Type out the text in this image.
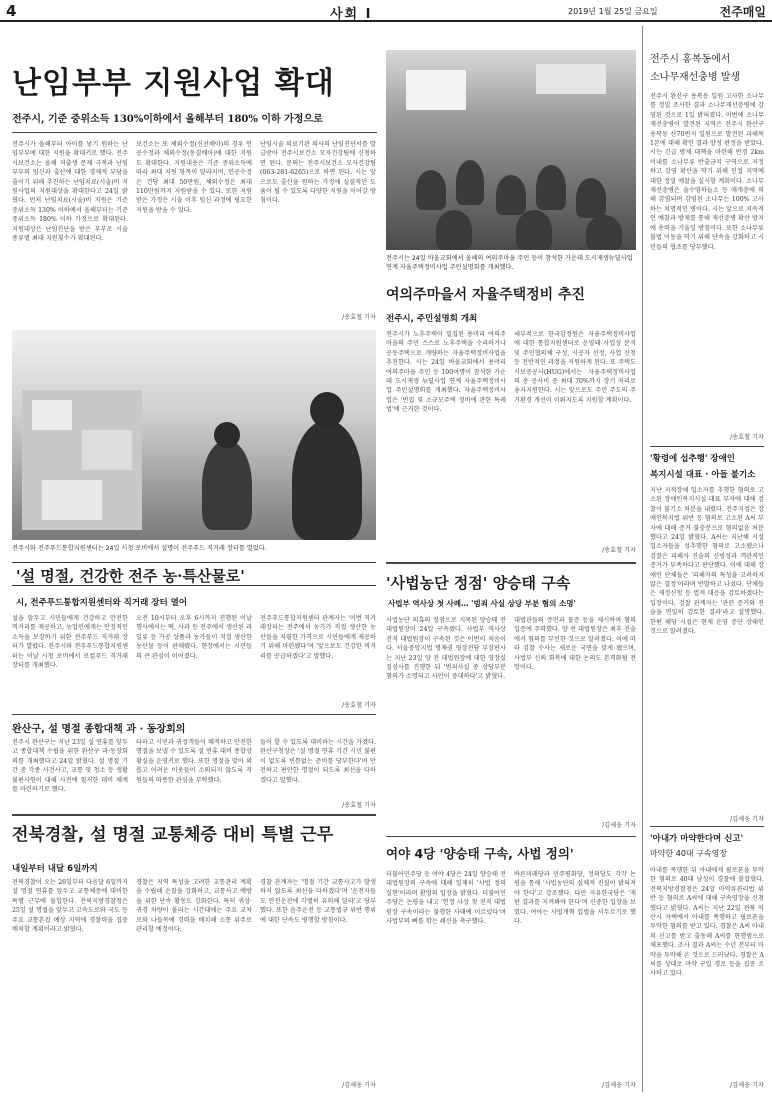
4	사회 I	2019년 1월 25일 금요일	전주매일
난임부부 지원사업 확대
전주시, 기준 중위소득 130%이하에서 올해부터 180% 이하 가정으로
전주시가 올해부터 아이를 낳기 원하는 난임부부에 대한 지원을 확대키로 했다. 전주시보건소는 올해 저출생 문제 극복과 난임부부의 임신과 출산에 대한 경제적 부담을 줄이기 위해 추진하는 난임치료(시술)비 지원사업의 지원대상을 확대한다고 24일 밝혔다. 먼저 난임치료(시술)비 지원은 기준 중위소득 130% 이하에서 올해부터는 기준중위소득 180% 이하 가정으로 확대된다. 지원대상은 난임진단을 받은 부부로 시술 종류별 최대 지원횟수가 확대된다.
보건소는 또 체외수정(신선배아)의 경우 인공수정과 체외수정(동결배아)에 대한 지원도 확대한다. 지원내용은 기준 중위소득에 따라 최대 지원 항목이 달라지며, 인공수정은 건당 최대 50만원, 체외수정은 최대 110만원까지 지원받을 수 있다. 또한 지원받은 가정은 시술 이후 임신 과정에 필요한 지원을 받을 수 있다.
난임시술 의료기관 의사의 난임진단서를 발급받아 전주시보건소 모자건강팀에 신청하면 된다. 문의는 전주시보건소 모자건강팀(063-281-6265)으로 하면 된다. 시는 앞으로도 출산을 원하는 가정에 실질적인 도움이 될 수 있도록 다양한 지원을 이어갈 방침이다.
/송효철 기자
전주시는 24일 바울교회에서 올해의 여의주마을 주민 등이 참석한 가운데 도시재생뉴딜사업 연계 자율주택정비사업 주민설명회를 개최했다.
여의주마을서 자율주택정비 추진
전주시, 주민설명회 개최
전주시가 노후주택이 밀집된 용머리 여의주마을의 주민 스스로 노후주택을 수리하거나 공동주택으로 개량하는 자율주택정비사업을 추진한다. 시는 24일 바울교회에서 용머리 여의주마을 주민 등 100여명이 참석한 가운데 도시재생 뉴딜사업 연계 자율주택정비사업 주민설명회를 개최했다. 자율주택정비사업은 '빈집 및 소규모주택 정비에 관한 특례법'에 근거한 것이다.
세부적으로 한국감정원은 자율주택정비사업에 대한 통합지원센터로 운영돼 사업성 분석 및 주민협의체 구성, 시공자 선정, 사업 신청 등 전반적인 과정을 지원하게 된다. 또 주택도시보증공사(HUG)에서는 자율주택정비사업의 총 공사비 중 최대 70%까지 장기 저리로 융자지원한다. 시는 앞으로도 주민 주도의 주거환경 개선이 이뤄지도록 지원할 계획이다.
/송효철 기자
전주시와 전주푸드통합지원센터는 24일 시청 로비에서 설명이 전주푸드 직거래 장터를 열었다.
'설 명절, 건강한 전주 농·특산물로'
시, 전주푸드통합지원센터와 직거래 장터 열어
설을 앞두고 시민들에게 건강하고 안전한 먹거리를 제공하고, 농업인에게는 안정적인 소득을 보장하기 위한 전주푸드 직거래 장터가 열렸다. 전주시와 전주푸드통합지원센터는 이날 시청 로비에서 로컬푸드 직거래 장터를 개최했다.
오전 10시부터 오후 6시까지 진행된 이날 행사에서는 떡, 사과 등 전주에서 생산된 과일류 등 가공 상품과 농가들이 직접 생산한 농산물 등이 판매됐다. 현장에서는 시민들의 큰 관심이 이어졌다.
전주푸드통합지원센터 관계자는 '이번 직거래장터는 전주에서 농가가 직접 생산한 농산물을 저렴한 가격으로 시민들에게 제공하기 위해 마련됐다'며 '앞으로도 건강한 먹거리를 공급하겠다'고 말했다.
/송효철 기자
완산구, 설 명절 종합대책 과 · 동장회의
전주시 완산구는 지난 23일 설 연휴를 앞두고 종합대책 수립을 위한 완산구 과·동장회의를 개최했다고 24일 밝혔다. 설 명절 기간 중 각종 사건사고, 교통 및 청소 등 생활불편사항이 대해 사전에 철저한 대비 체계를 마련하기로 했다.
타파고 시민과 귀성객들이 쾌적하고 안전한 명절을 보낼 수 있도록 설 연휴 대비 종합상황실을 운영키로 했다. 또한 명절을 맞아 외롭고 어려운 이웃들이 소외되지 않도록 직원들의 따뜻한 관심을 부탁했다.
들이 할 수 있도록 대비하는 시간을 가졌다. 완산구청장은 '설 명절 연휴 기간 시민 불편이 없도록 빈틈없는 준비를 당부한다'며 안전하고 편안한 명절이 되도록 최선을 다하겠다고 말했다.
/송효철 기자
전북경찰, 설 명절 교통체증 대비 특별 근무
내일부터 내달 6일까지
전북경찰이 오는 26일부터 다음달 6일까지 설 명절 연휴를 앞두고 교통체증에 대비한 특별 근무에 돌입한다. 전북지방경찰청은 25일 설 명절을 앞두고 고속도로와 국도 등 주요 교통혼잡 예상 지역에 경찰력을 집중 배치할 계획이라고 밝혔다.
경찰은 지역 특성을 고려한 교통관리 계획을 수립해 순찰을 강화하고, 교통사고 예방을 위한 단속 활동도 강화한다. 특히 귀성·귀경 차량이 몰리는 시간대에는 주요 교차로와 나들목에 경력을 배치해 소통 위주로 관리할 예정이다.
경찰 관계자는 '명절 기간 교통사고가 발생하지 않도록 최선을 다하겠다'며 '운전자들도 안전운전에 각별히 유의해 달라'고 당부했다. 또한 음주운전 등 교통법규 위반 행위에 대한 단속도 병행할 방침이다.
/김세웅 기자
'사법농단 정점' 양승태 구속
사법부 역사상 첫 사례… '범죄 사실 상당 부분 혐의 소명'
사법농단 의혹의 정점으로 지목된 양승태 전 대법원장이 24일 구속됐다. 사법부 역사상 전직 대법원장이 구속된 것은 이번이 처음이다. 서울중앙지법 명재권 영장전담 부장판사는 지난 23일 양 전 대법원장에 대한 영장실질심사를 진행한 뒤 '범죄사실 중 상당부분 혐의가 소명되고 사안이 중대하다'고 밝혔다.
대법관들의 증언과 물증 등을 제시하며 혐의 입증에 주력했다. 양 전 대법원장은 최후 진술에서 혐의를 부인한 것으로 알려졌다. 이에 따라 검찰 수사는 새로운 국면을 맞게 됐으며, 사법부 신뢰 회복에 대한 논의도 본격화될 전망이다.
/김세웅 기자
여야 4당 '양승태 구속, 사법 정의'
더불어민주당 등 여야 4당은 24일 양승태 전 대법원장의 구속에 대해 일제히 '사법 정의 실현'이라며 환영의 입장을 밝혔다. 더불어민주당은 논평을 내고 '헌정 사상 첫 전직 대법원장 구속이라는 불행한 사태에 이르렀다'며 사법부의 뼈를 깎는 쇄신을 촉구했다.
바른미래당과 민주평화당, 정의당도 각각 논평을 통해 '사법농단의 실체적 진실이 밝혀져야 한다'고 강조했다. 다만 자유한국당은 '재판 결과를 지켜봐야 한다'며 신중한 입장을 보였다. 여야는 사법개혁 입법을 서두르기로 했다.
/김세웅 기자
전주시 홍복동에서
소나무재선충병 발생
전주시 완산구 용복동 일원 고사한 소나무를 정밀 조사한 결과 소나무재선충병에 감염된 것으로 1일 밝혀졌다. 이번에 소나무재선충병이 발견된 지역은 전주시 완산구 용복동 산70번지 일원으로 발견된 피해목 1본에 대해 확인 결과 양성 판정을 받았다. 시는 긴급 방제 대책을 마련해 반경 2km 이내를 소나무류 반출금지 구역으로 지정하고 감염 확산을 막기 위해 인접 지역에 대한 정밀 예찰을 실시할 계획이다. 소나무재선충병은 솔수염하늘소 등 매개충에 의해 감염되며 감염된 소나무는 100% 고사하는 치명적인 병이다. 시는 앞으로 지속적인 예찰과 방제를 통해 재선충병 확산 방지에 총력을 기울일 방침이다. 또한 소나무류 불법 이동을 막기 위해 단속을 강화하고 시민들의 협조를 당부했다.
/송효철 기자
'황령에 섭추행' 장애인
복지시설 대표 · 아들 불기소
지난 지적장애 입소자를 추행한 혐의로 고소된 장애인복지시설 대표 부자에 대해 검찰이 불기소 처분을 내렸다. 전주지검은 장애인복지법 위반 등 혐의로 고소된 A씨 부자에 대해 증거 불충분으로 혐의없음 처분했다고 24일 밝혔다. A씨는 지난해 시설 입소자들을 성추행한 혐의로 고소됐으나 검찰은 피해자 진술의 신빙성과 객관적인 증거가 부족하다고 판단했다. 이에 대해 장애인 단체들은 '피해자의 특성을 고려하지 않은 결정'이라며 반발하고 나섰다. 단체들은 재정신청 등 법적 대응을 검토하겠다는 입장이다. 검찰 관계자는 '관련 증거와 진술을 면밀히 검토한 결과'라고 설명했다. 한편 해당 시설은 현재 운영 중단 상태인 것으로 알려졌다.
/김세웅 기자
'아내가 마약한다며 신고'
마약한 40대 구속영장
아내를 폭행한 뒤 아내에게 필로폰을 투약한 혐의로 40대 남성이 경찰에 붙잡혔다. 전북지방경찰청은 24일 마약류관리법 위반 등 혐의로 A씨에 대해 구속영장을 신청했다고 밝혔다. A씨는 지난 22일 전북 익산시 자택에서 아내를 폭행하고 필로폰을 투약한 혐의를 받고 있다. 경찰은 A씨 아내의 신고를 받고 출동해 A씨를 현행범으로 체포했다. 조사 결과 A씨는 수년 전부터 마약을 투약해 온 것으로 드러났다. 경찰은 A씨를 상대로 마약 구입 경로 등을 집중 조사하고 있다.
/김세웅 기자
